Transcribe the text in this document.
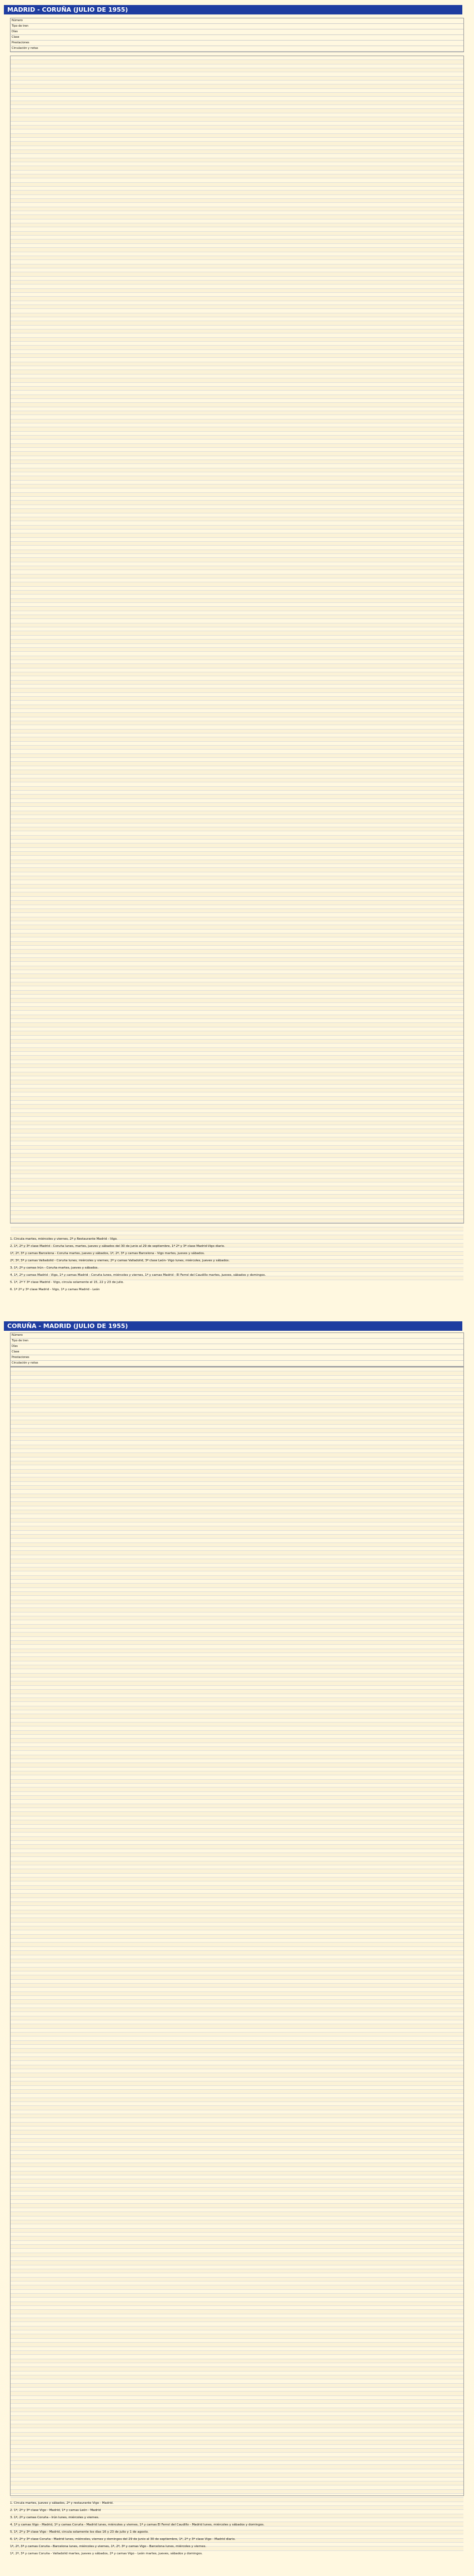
MADRID - CORUÑA (JULIO DE 1955)
Número
Tipo de tren
Días
Clase
Prestaciones
Circulación y notas
1. Circula martes, miércoles y viernes, 2ª y Restaurante Madrid - Vigo.
2. 1ª, 2ª y 3ª clase Madrid - Coruña lunes, martes, jueves y sábados del 30 de junio al 29 de septiembre, 1ª 2ª y 3ª clase Madrid-Vigo diario.
1ª, 2ª, 3ª y camas Barcelona - Coruña martes, jueves y sábados, 1ª, 2ª, 3ª y camas Barcelona - Vigo martes, jueves y sábados.
2ª, 3ª, 3ª y camas Valladolid - Coruña lunes, miércoles y viernes, 2ª y camas Valladolid, 3ª clase León- Vigo lunes, miércoles, jueves y sábados.
3. 1ª, 2ª y camas Irún - Coruña martes, jueves y sábados.
4. 1ª, 2ª y camas Madrid - Vigo, 1ª y camas Madrid - Coruña lunes, miércoles y viernes, 1ª y camas Madrid - El Ferrol del Caudillo martes, jueves, sábados y domingos.
5. 1ª, 2ª Y 3ª clase Madrid - Vigo, circula solamente el 15, 22 y 23 de julio.
6. 1ª 2ª y 3ª clase Madrid - Vigo, 1ª y camas Madrid - León
CORUÑA - MADRID (JULIO DE 1955)
Número
Tipo de tren
Días
Clase
Prestaciones
Circulación y notas
1. Circula martes, jueves y sábados, 2ª y restaurante Vigo - Madrid.
2. 1ª, 2ª y 3ª clase Vigo - Madrid, 1ª y camas León - Madrid
3. 1ª, 2ª y camas Coruña - Irún lunes, miércoles y viernes.
4. 1ª y camas Vigo - Madrid, 1ª y camas Coruña - Madrid lunes, miércoles y viernes, 1ª y camas El Ferrol del Caudillo - Madrid lunes, miércoles y sábados y domingos.
5. 1ª, 2ª y 3ª clase Vigo - Madrid, circula solamente los días 16 y 23 de julio y 1 de agosto.
6. 1ª, 2ª y 3ª clase Coruña - Madrid lunes, miércoles, viernes y domingos del 29 de junio al 30 de septiembre, 1ª, 2ª y 3ª clase Vigo - Madrid diario.
1ª, 2ª, 3ª y camas Coruña - Barcelona lunes, miércoles y viernes, 1ª, 2ª, 3ª y camas Vigo - Barcelona lunes, miércoles y viernes.
1ª, 2ª, 3ª y camas Coruña - Valladolid martes, jueves y sábados, 2ª y camas Vigo - León martes, jueves, sábados y domingos.
